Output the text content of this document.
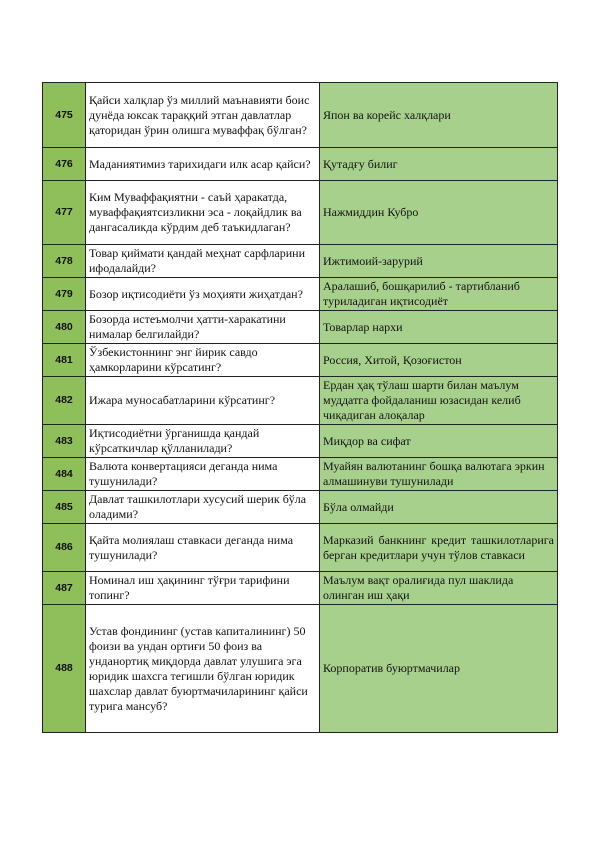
475	Қайси халқлар ўз миллий маънавияти боис дунёда юксак тараққий этган давлатлар қаторидан ўрин олишга муваффақ бўлган?	Япон ва корейс халқлари
476	Маданиятимиз тарихидаги илк асар қайси?	Қутадғу билиг
477	Ким Муваффақиятни - саъй ҳаракатда, муваффақиятсизликни эса - лоқайдлик ва дангасаликда кўрдим деб таъкидлаган?	Нажмиддин Кубро
478	Товар қиймати қандай меҳнат сарфларини ифодалайди?	Ижтимоий-зарурий
479	Бозор иқтисодиёти ўз моҳияти жиҳатдан?	Аралашиб, бошқарилиб - тартибланиб туриладиган иқтисодиёт
480	Бозорда истеъмолчи ҳатти-харакатини нималар белгилайди?	Товарлар нархи
481	Ўзбекистоннинг энг йирик савдо ҳамкорларини кўрсатинг?	Россия, Хитой, Қозоғистон
482	Ижара муносабатларини кўрсатинг?	Ердан ҳақ тўлаш шарти билан маълум муддатга фойдаланиш юзасидан келиб чиқадиган алоқалар
483	Иқтисодиётни ўрганишда қандай кўрсаткичлар қўлланилади?	Миқдор ва сифат
484	Валюта конвертацияси деганда нима тушунилади?	Муайян валютанинг бошқа валютага эркин алмашинуви тушунилади
485	Давлат ташкилотлари хусусий шерик бўла оладими?	Бўла олмайди
486	Қайта молиялаш ставкаси деганда нима тушунилади?	Марказий банкнинг кредит ташкилотларига берган кредитлари учун тўлов ставкаси
487	Номинал иш ҳақининг тўғри тарифини топинг?	Маълум вақт оралиғида пул шаклида олинган иш ҳақи
488	Устав фондининг (устав капиталининг) 50 фоизи ва ундан ортиғи 50 фоиз ва унданортиқ миқдорда давлат улушига эга юридик шахсга тегишли бўлган юридик шахслар давлат буюртмачиларининг қайси турига мансуб?	Корпоратив буюртмачилар
